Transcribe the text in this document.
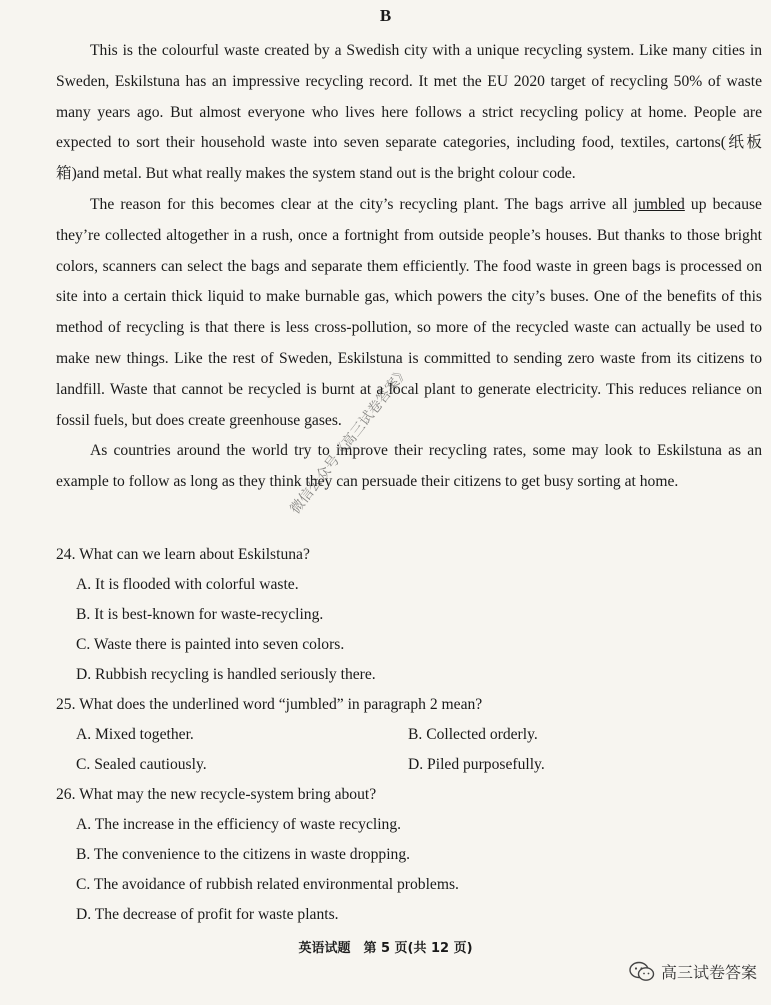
B

This is the colourful waste created by a Swedish city with a unique recycling system. Like many cities in Sweden, Eskilstuna has an impressive recycling record. It met the EU 2020 target of recycling 50% of waste many years ago. But almost everyone who lives here follows a strict recycling policy at home. People are expected to sort their household waste into seven separate categories, including food, textiles, cartons(纸板箱)and metal. But what really makes the system stand out is the bright colour code.

The reason for this becomes clear at the city’s recycling plant. The bags arrive all jumbled up because they’re collected altogether in a rush, once a fortnight from outside people’s houses. But thanks to those bright colors, scanners can select the bags and separate them efficiently. The food waste in green bags is processed on site into a certain thick liquid to make burnable gas, which powers the city’s buses. One of the benefits of this method of recycling is that there is less cross-pollution, so more of the recycled waste can actually be used to make new things. Like the rest of Sweden, Eskilstuna is committed to sending zero waste from its citizens to landfill. Waste that cannot be recycled is burnt at a local plant to generate electricity. This reduces reliance on fossil fuels, but does create greenhouse gases.

As countries around the world try to improve their recycling rates, some may look to Eskilstuna as an example to follow as long as they think they can persuade their citizens to get busy sorting at home.

24. What can we learn about Eskilstuna?
A. It is flooded with colorful waste.
B. It is best-known for waste-recycling.
C. Waste there is painted into seven colors.
D. Rubbish recycling is handled seriously there.
25. What does the underlined word “jumbled” in paragraph 2 mean?
A. Mixed together.	B. Collected orderly.
C. Sealed cautiously.	D. Piled purposefully.
26. What may the new recycle-system bring about?
A. The increase in the efficiency of waste recycling.
B. The convenience to the citizens in waste dropping.
C. The avoidance of rubbish related environmental problems.
D. The decrease of profit for waste plants.
微信公众号《高三试卷答案》
英语试题　第 5 页(共 12 页)
高三试卷答案
